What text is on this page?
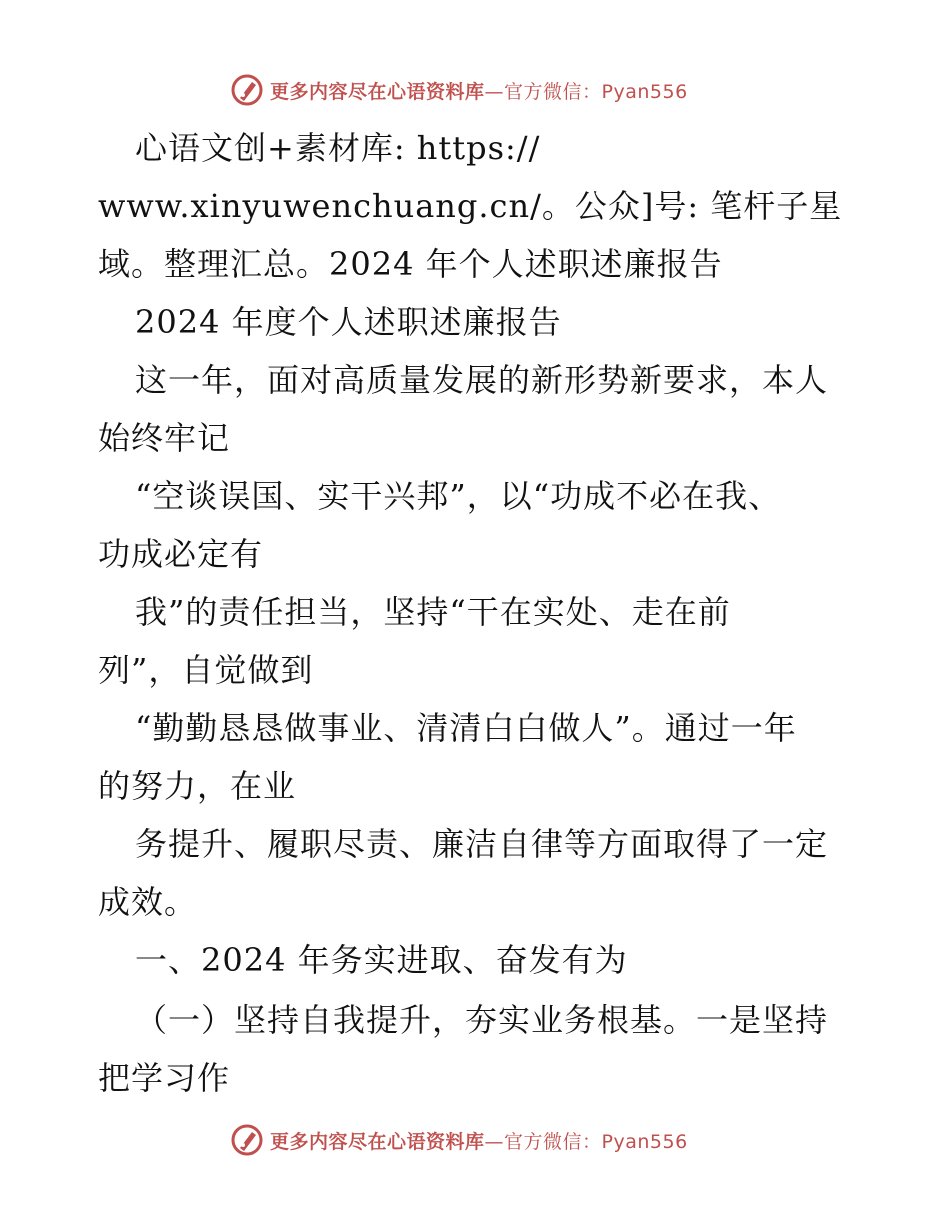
更多内容尽在心语资料库—官方微信：Pyan556
心语文创+素材库: https://
www.xinyuwenchuang.cn/。公众]号: 笔杆子星
域。整理汇总。2024 年个人述职述廉报告
2024 年度个人述职述廉报告
这一年，面对高质量发展的新形势新要求，本人
始终牢记
“空谈误国、实干兴邦”，以“功成不必在我、
功成必定有
我”的责任担当，坚持“干在实处、走在前
列”，自觉做到
“勤勤恳恳做事业、清清白白做人”。通过一年
的努力，在业
务提升、履职尽责、廉洁自律等方面取得了一定
成效。
一、2024 年务实进取、奋发有为
（一）坚持自我提升，夯实业务根基。一是坚持
把学习作
更多内容尽在心语资料库—官方微信：Pyan556
